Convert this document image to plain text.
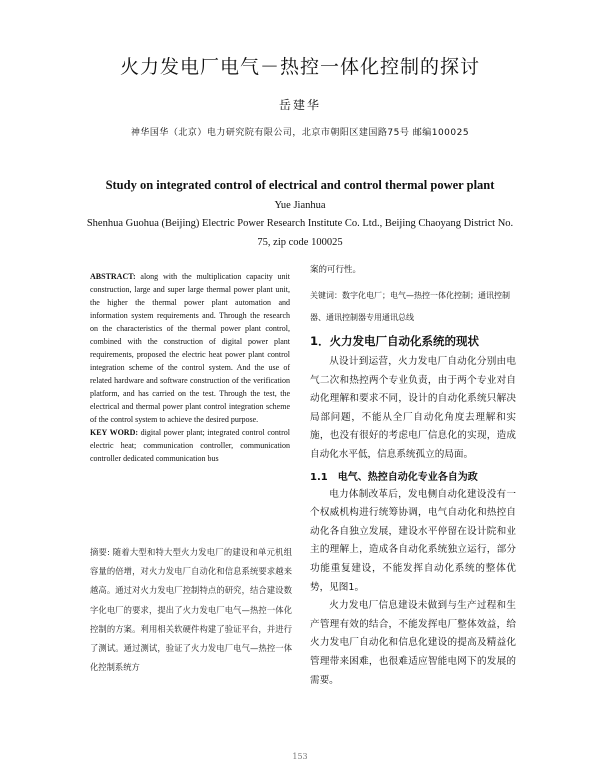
火力发电厂电气－热控一体化控制的探讨
岳建华
神华国华（北京）电力研究院有限公司，北京市朝阳区建国路75号 邮编100025
Study on integrated control of electrical and control thermal power plant
Yue Jianhua
Shenhua Guohua (Beijing) Electric Power Research Institute Co. Ltd., Beijing Chaoyang District No. 75, zip code 100025

ABSTRACT: along with the multiplication capacity unit construction, large and super large thermal power plant unit, the higher the thermal power plant automation and information system requirements and. Through the research on the characteristics of the thermal power plant control, combined with the construction of digital power plant requirements, proposed the electric heat power plant control integration scheme of the control system. And the use of related hardware and software construction of the verification platform, and has carried on the test. Through the test, the electrical and thermal power plant control integration scheme of the control system to achieve the desired purpose.

KEY WORD: digital power plant; integrated control control electric heat; communication controller, communication controller dedicated communication bus

摘要: 随着大型和特大型火力发电厂的建设和单元机组容量的倍增，对火力发电厂自动化和信息系统要求越来越高。通过对火力发电厂控制特点的研究，结合建设数字化电厂的要求，提出了火力发电厂电气—热控一体化控制的方案。利用相关软硬件构建了验证平台，并进行了测试。通过测试，验证了火力发电厂电气—热控一体化控制系统方

案的可行性。

关键词：数字化电厂；电气—热控一体化控制；通讯控制器、通讯控制器专用通讯总线

1．火力发电厂自动化系统的现状

从设计到运营，火力发电厂自动化分别由电气二次和热控两个专业负责，由于两个专业对自动化理解和要求不同，设计的自动化系统只解决局部问题，不能从全厂自动化角度去理解和实施，也没有很好的考虑电厂信息化的实现，造成自动化水平低，信息系统孤立的局面。

1.1　电气、热控自动化专业各自为政

电力体制改革后，发电侧自动化建设没有一个权威机构进行统筹协调，电气自动化和热控自动化各自独立发展，建设水平停留在设计院和业主的理解上，造成各自动化系统独立运行，部分功能重复建设，不能发挥自动化系统的整体优势，见图1。

火力发电厂信息建设未做到与生产过程和生产管理有效的结合，不能发挥电厂整体效益，给火力发电厂自动化和信息化建设的提高及精益化管理带来困难，也很难适应智能电网下的发展的需要。

153
